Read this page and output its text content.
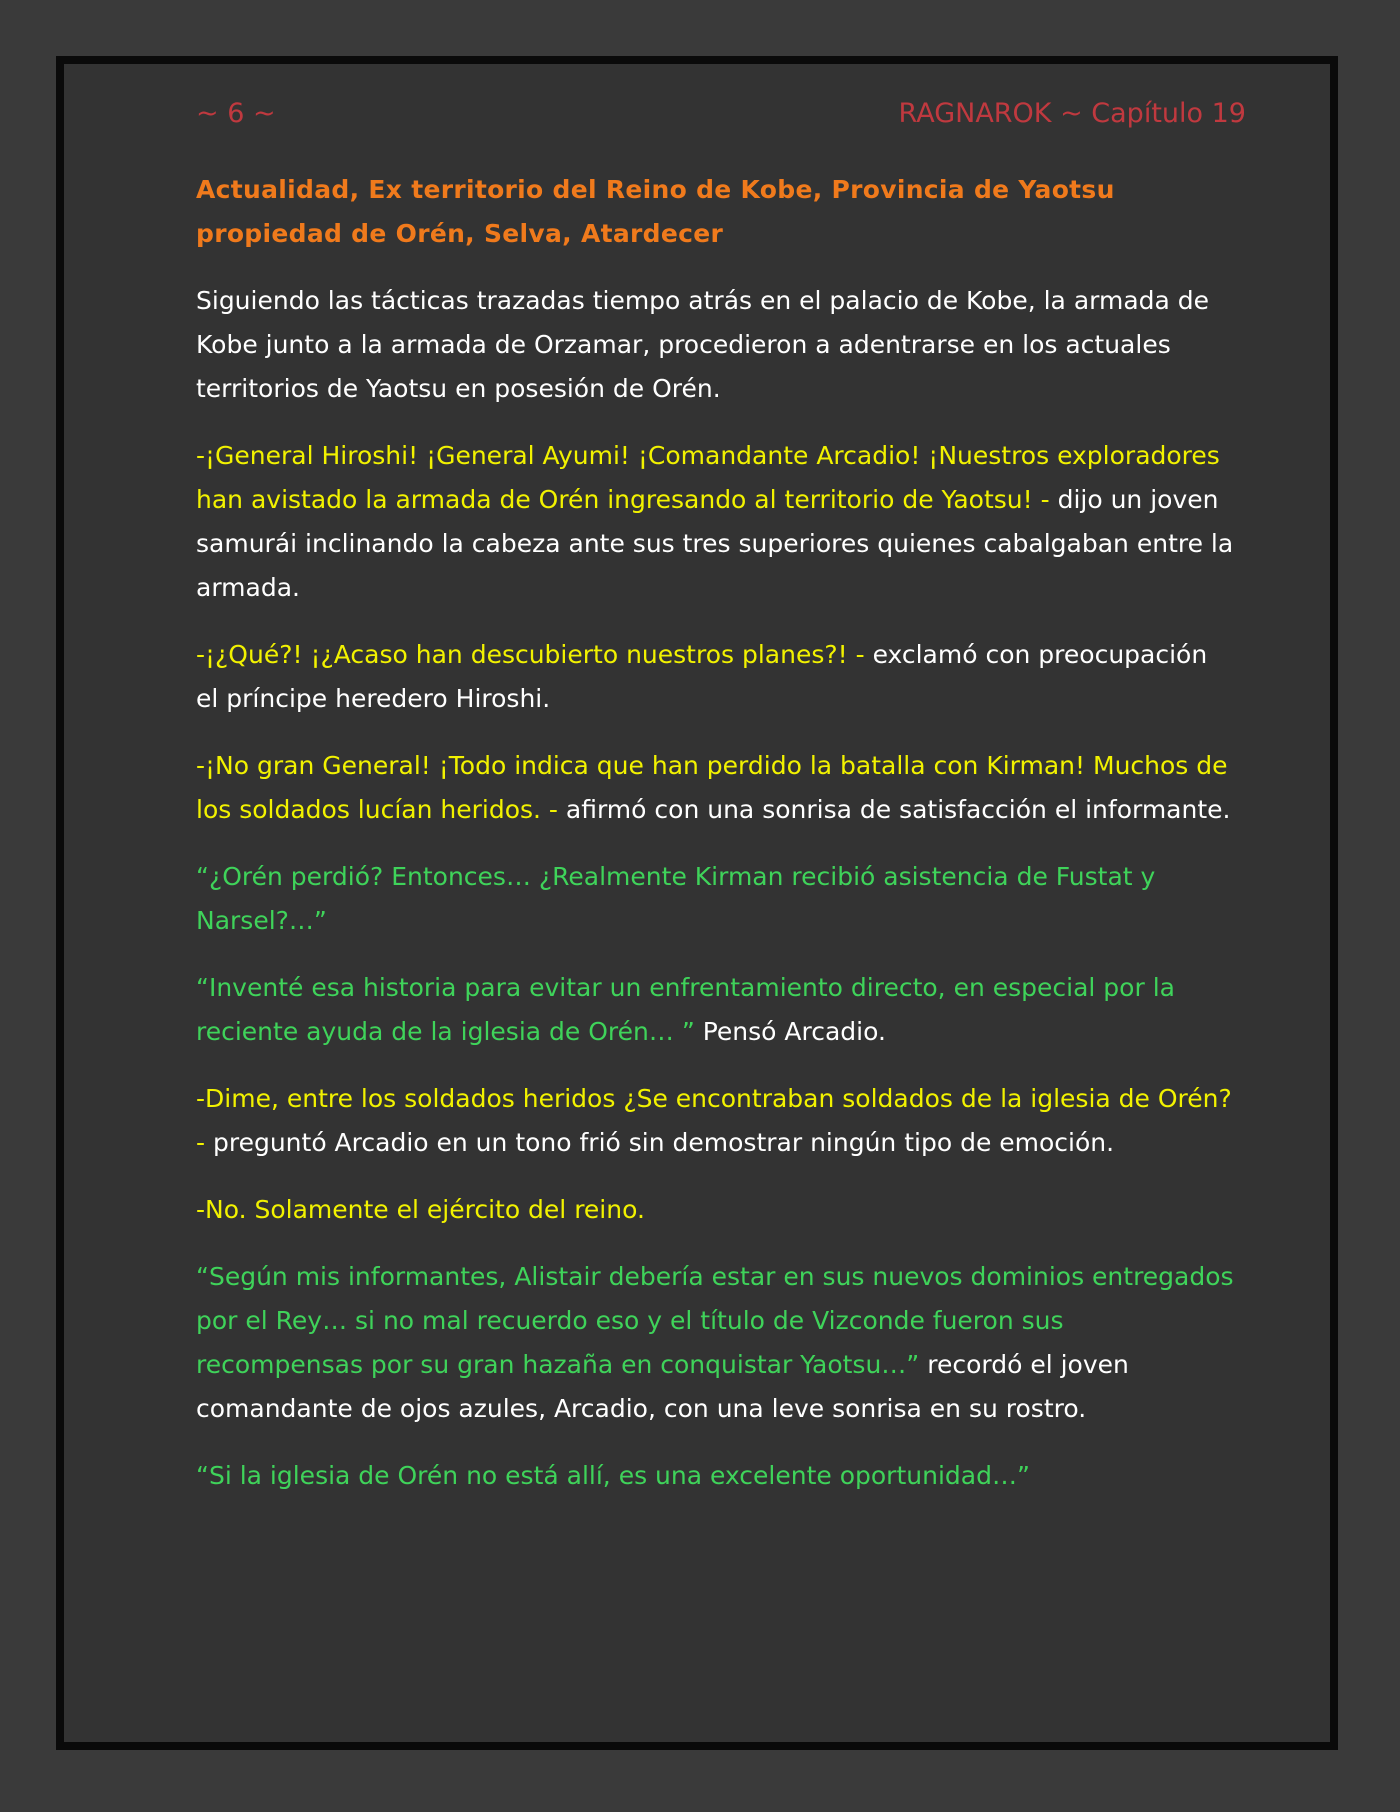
~ 6 ~	RAGNAROK ~ Capítulo 19

Actualidad, Ex territorio del Reino de Kobe, Provincia de Yaotsu propiedad de Orén, Selva, Atardecer

Siguiendo las tácticas trazadas tiempo atrás en el palacio de Kobe, la armada de Kobe junto a la armada de Orzamar, procedieron a adentrarse en los actuales territorios de Yaotsu en posesión de Orén.

-¡General Hiroshi! ¡General Ayumi! ¡Comandante Arcadio! ¡Nuestros exploradores han avistado la armada de Orén ingresando al territorio de Yaotsu! - dijo un joven samurái inclinando la cabeza ante sus tres superiores quienes cabalgaban entre la armada.

-¡¿Qué?! ¡¿Acaso han descubierto nuestros planes?! - exclamó con preocupación el príncipe heredero Hiroshi.

-¡No gran General! ¡Todo indica que han perdido la batalla con Kirman! Muchos de los soldados lucían heridos. - afirmó con una sonrisa de satisfacción el informante.

“¿Orén perdió? Entonces… ¿Realmente Kirman recibió asistencia de Fustat y Narsel?…”

“Inventé esa historia para evitar un enfrentamiento directo, en especial por la reciente ayuda de la iglesia de Orén… ” Pensó Arcadio.

-Dime, entre los soldados heridos ¿Se encontraban soldados de la iglesia de Orén? - preguntó Arcadio en un tono frió sin demostrar ningún tipo de emoción.

-No. Solamente el ejército del reino.

“Según mis informantes, Alistair debería estar en sus nuevos dominios entregados por el Rey… si no mal recuerdo eso y el título de Vizconde fueron sus recompensas por su gran hazaña en conquistar Yaotsu…” recordó el joven comandante de ojos azules, Arcadio, con una leve sonrisa en su rostro.

“Si la iglesia de Orén no está allí, es una excelente oportunidad…”
